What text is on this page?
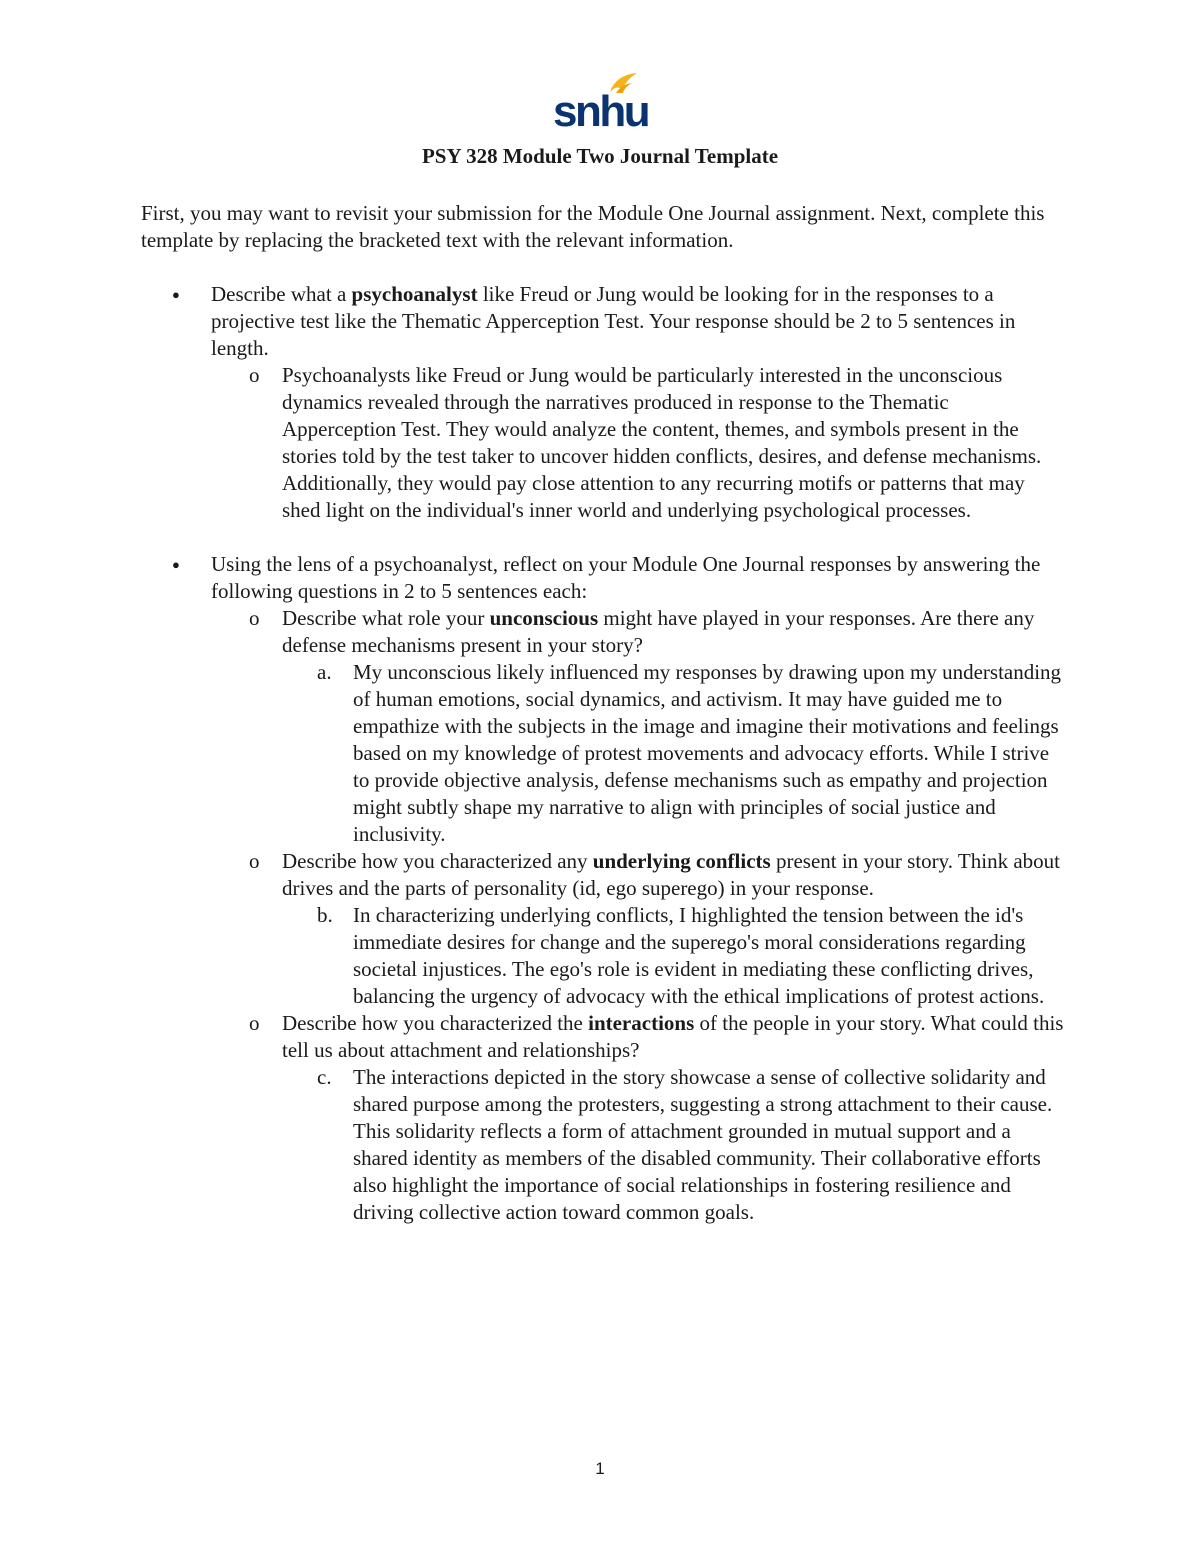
snhu
PSY 328 Module Two Journal Template

First, you may want to revisit your submission for the Module One Journal assignment. Next, complete this template by replacing the bracketed text with the relevant information.

● Describe what a psychoanalyst like Freud or Jung would be looking for in the responses to a projective test like the Thematic Apperception Test. Your response should be 2 to 5 sentences in length.
o Psychoanalysts like Freud or Jung would be particularly interested in the unconscious dynamics revealed through the narratives produced in response to the Thematic Apperception Test. They would analyze the content, themes, and symbols present in the stories told by the test taker to uncover hidden conflicts, desires, and defense mechanisms. Additionally, they would pay close attention to any recurring motifs or patterns that may shed light on the individual's inner world and underlying psychological processes.
● Using the lens of a psychoanalyst, reflect on your Module One Journal responses by answering the following questions in 2 to 5 sentences each:
o Describe what role your unconscious might have played in your responses. Are there any defense mechanisms present in your story?
a. My unconscious likely influenced my responses by drawing upon my understanding of human emotions, social dynamics, and activism. It may have guided me to empathize with the subjects in the image and imagine their motivations and feelings based on my knowledge of protest movements and advocacy efforts. While I strive to provide objective analysis, defense mechanisms such as empathy and projection might subtly shape my narrative to align with principles of social justice and inclusivity.
o Describe how you characterized any underlying conflicts present in your story. Think about drives and the parts of personality (id, ego superego) in your response.
b. In characterizing underlying conflicts, I highlighted the tension between the id's immediate desires for change and the superego's moral considerations regarding societal injustices. The ego's role is evident in mediating these conflicting drives, balancing the urgency of advocacy with the ethical implications of protest actions.
o Describe how you characterized the interactions of the people in your story. What could this tell us about attachment and relationships?
c. The interactions depicted in the story showcase a sense of collective solidarity and shared purpose among the protesters, suggesting a strong attachment to their cause. This solidarity reflects a form of attachment grounded in mutual support and a shared identity as members of the disabled community. Their collaborative efforts also highlight the importance of social relationships in fostering resilience and driving collective action toward common goals.
1
